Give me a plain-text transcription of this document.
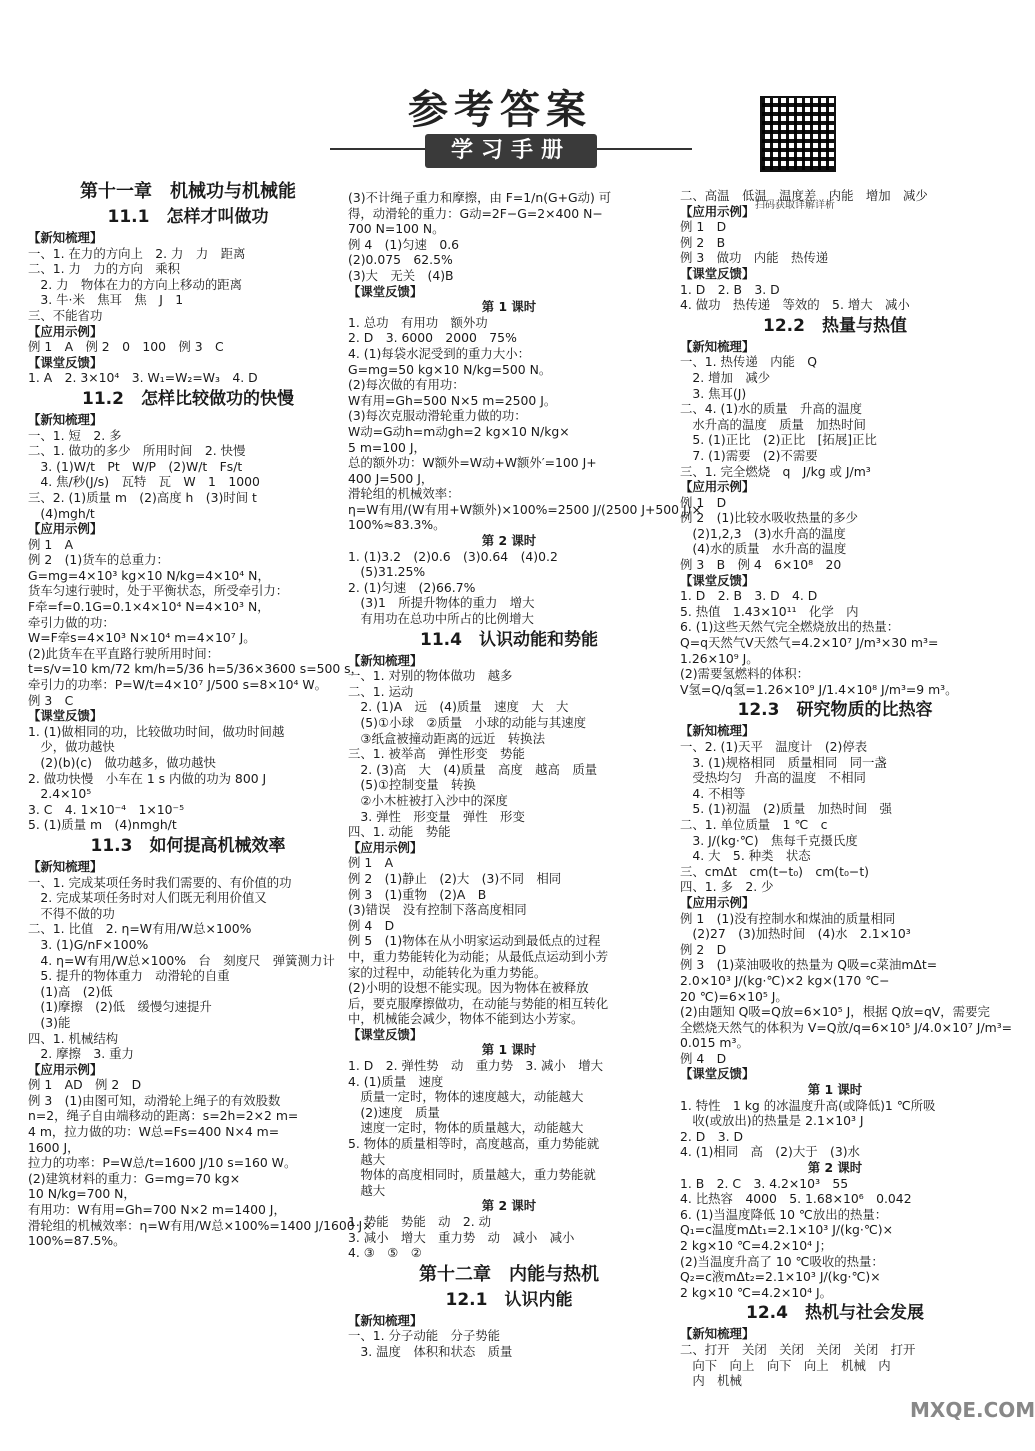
参考答案
学习手册
扫码获取详解详析
第十一章　机械功与机械能
11.1　怎样才叫做功
【新知梳理】
一、1. 在力的方向上　2. 力　力　距离
二、1. 力　力的方向　乘积
　2. 力　物体在力的方向上移动的距离
　3. 牛·米　焦耳　焦　J　1
三、不能省功
【应用示例】
例 1　A　例 2　0　100　例 3　C
【课堂反馈】
1. A　2. 3×10⁴　3. W₁=W₂=W₃　4. D
11.2　怎样比较做功的快慢
【新知梳理】
一、1. 短　2. 多
二、1. 做功的多少　所用时间　2. 快慢
　3. (1)W/t　Pt　W/P　(2)W/t　Fs/t
　4. 焦/秒(J/s)　瓦特　瓦　W　1　1000
三、2. (1)质量 m　(2)高度 h　(3)时间 t
　(4)mgh/t
【应用示例】
例 1　A
例 2　(1)货车的总重力：
G=mg=4×10³ kg×10 N/kg=4×10⁴ N，
货车匀速行驶时，处于平衡状态，所受牵引力：
F牵=f=0.1G=0.1×4×10⁴ N=4×10³ N，
牵引力做的功：
W=F牵s=4×10³ N×10⁴ m=4×10⁷ J。
(2)此货车在平直路行驶所用时间：
t=s/v=10 km/72 km/h=5/36 h=5/36×3600 s=500 s，
牵引力的功率：P=W/t=4×10⁷ J/500 s=8×10⁴ W。
例 3　C
【课堂反馈】
1. (1)做相同的功，比较做功时间，做功时间越
　少，做功越快
　(2)(b)(c)　做功越多，做功越快
2. 做功快慢　小车在 1 s 内做的功为 800 J
　2.4×10⁵
3. C　4. 1×10⁻⁴　1×10⁻⁵
5. (1)质量 m　(4)nmgh/t
11.3　如何提高机械效率
【新知梳理】
一、1. 完成某项任务时我们需要的、有价值的功
　2. 完成某项任务时对人们既无利用价值又
　不得不做的功
二、1. 比值　2. η=W有用/W总×100%
　3. (1)G/nF×100%
　4. η=W有用/W总×100%　台　刻度尺　弹簧测力计
　5. 提升的物体重力　动滑轮的自重
　(1)高　(2)低
　(1)摩擦　(2)低　缓慢匀速提升
　(3)能
四、1. 机械结构
　2. 摩擦　3. 重力
【应用示例】
例 1　AD　例 2　D
例 3　(1)由图可知，动滑轮上绳子的有效股数
n=2，绳子自由端移动的距离：s=2h=2×2 m=
4 m，拉力做的功：W总=Fs=400 N×4 m=
1600 J，
拉力的功率：P=W总/t=1600 J/10 s=160 W。
(2)建筑材料的重力：G=mg=70 kg×
10 N/kg=700 N，
有用功：W有用=Gh=700 N×2 m=1400 J，
滑轮组的机械效率：η=W有用/W总×100%=1400 J/1600 J×
100%=87.5%。
(3)不计绳子重力和摩擦，由 F=1/n(G+G动) 可
得，动滑轮的重力：G动=2F−G=2×400 N−
700 N=100 N。
例 4　(1)匀速　0.6
(2)0.075　62.5%
(3)大　无关　(4)B
【课堂反馈】
第 1 课时
1. 总功　有用功　额外功
2. D　3. 6000　2000　75%
4. (1)每袋水泥受到的重力大小：
G=mg=50 kg×10 N/kg=500 N。
(2)每次做的有用功：
W有用=Gh=500 N×5 m=2500 J。
(3)每次克服动滑轮重力做的功：
W动=G动h=m动gh=2 kg×10 N/kg×
5 m=100 J，
总的额外功：W额外=W动+W额外′=100 J+
400 J=500 J，
滑轮组的机械效率：
η=W有用/(W有用+W额外)×100%=2500 J/(2500 J+500 J)×
100%≈83.3%。
第 2 课时
1. (1)3.2　(2)0.6　(3)0.64　(4)0.2
　(5)31.25%
2. (1)匀速　(2)66.7%
　(3)1　所提升物体的重力　增大
　有用功在总功中所占的比例增大
11.4　认识动能和势能
【新知梳理】
一、1. 对别的物体做功　越多
二、1. 运动
　2. (1)A　远　(4)质量　速度　大　大
　(5)①小球　②质量　小球的动能与其速度
　③纸盒被撞动距离的远近　转换法
三、1. 被举高　弹性形变　势能
　2. (3)高　大　(4)质量　高度　越高　质量
　(5)①控制变量　转换
　②小木桩被打入沙中的深度
　3. 弹性　形变量　弹性　形变
四、1. 动能　势能
【应用示例】
例 1　A
例 2　(1)静止　(2)大　(3)不同　相同
例 3　(1)重物　(2)A　B
(3)错误　没有控制下落高度相同
例 4　D
例 5　(1)物体在从小明家运动到最低点的过程
中，重力势能转化为动能；从最低点运动到小芳
家的过程中，动能转化为重力势能。
(2)小明的设想不能实现。因为物体在被释放
后，要克服摩擦做功，在动能与势能的相互转化
中，机械能会减少，物体不能到达小芳家。
【课堂反馈】
第 1 课时
1. D　2. 弹性势　动　重力势　3. 减小　增大
4. (1)质量　速度
　质量一定时，物体的速度越大，动能越大
　(2)速度　质量
　速度一定时，物体的质量越大，动能越大
5. 物体的质量相等时，高度越高，重力势能就
　越大
　物体的高度相同时，质量越大，重力势能就
　越大
第 2 课时
1. 势能　势能　动　2. 动
3. 减小　增大　重力势　动　减小　减小
4. ③　⑤　②
第十二章　内能与热机
12.1　认识内能
【新知梳理】
一、1. 分子动能　分子势能
　3. 温度　体积和状态　质量
二、高温　低温　温度差　内能　增加　减少
【应用示例】
例 1　D
例 2　B
例 3　做功　内能　热传递
【课堂反馈】
1. D　2. B　3. D
4. 做功　热传递　等效的　5. 增大　减小
12.2　热量与热值
【新知梳理】
一、1. 热传递　内能　Q
　2. 增加　减少
　3. 焦耳(J)
二、4. (1)水的质量　升高的温度
　水升高的温度　质量　加热时间
　5. (1)正比　(2)正比　[拓展]正比
　7. (1)需要　(2)不需要
三、1. 完全燃烧　q　J/kg 或 J/m³
【应用示例】
例 1　D
例 2　(1)比较水吸收热量的多少
　(2)1,2,3　(3)水升高的温度
　(4)水的质量　水升高的温度
例 3　B　例 4　6×10⁸　20
【课堂反馈】
1. D　2. B　3. D　4. D
5. 热值　1.43×10¹¹　化学　内
6. (1)这些天然气完全燃烧放出的热量：
Q=q天然气V天然气=4.2×10⁷ J/m³×30 m³=
1.26×10⁹ J。
(2)需要氢燃料的体积：
V氢=Q/q氢=1.26×10⁹ J/1.4×10⁸ J/m³=9 m³。
12.3　研究物质的比热容
【新知梳理】
一、2. (1)天平　温度计　(2)停表
　3. (1)规格相同　质量相同　同一盏
　受热均匀　升高的温度　不相同
　4. 不相等
　5. (1)初温　(2)质量　加热时间　强
二、1. 单位质量　1 ℃　c
　3. J/(kg·℃)　焦每千克摄氏度
　4. 大　5. 种类　状态
三、cmΔt　cm(t−t₀)　cm(t₀−t)
四、1. 多　2. 少
【应用示例】
例 1　(1)没有控制水和煤油的质量相同
　(2)27　(3)加热时间　(4)水　2.1×10³
例 2　D
例 3　(1)菜油吸收的热量为 Q吸=c菜油mΔt=
2.0×10³ J/(kg·℃)×2 kg×(170 ℃−
20 ℃)=6×10⁵ J。
(2)由题知 Q吸=Q放=6×10⁵ J，根据 Q放=qV，需要完
全燃烧天然气的体积为 V=Q放/q=6×10⁵ J/4.0×10⁷ J/m³=
0.015 m³。
例 4　D
【课堂反馈】
第 1 课时
1. 特性　1 kg 的冰温度升高(或降低)1 ℃所吸
　收(或放出)的热量是 2.1×10³ J
2. D　3. D
4. (1)相同　高　(2)大于　(3)水
第 2 课时
1. B　2. C　3. 4.2×10³　55
4. 比热容　4000　5. 1.68×10⁶　0.042
6. (1)当温度降低 10 ℃放出的热量：
Q₁=c温度mΔt₁=2.1×10³ J/(kg·℃)×
2 kg×10 ℃=4.2×10⁴ J；
(2)当温度升高了 10 ℃吸收的热量：
Q₂=c液mΔt₂=2.1×10³ J/(kg·℃)×
2 kg×10 ℃=4.2×10⁴ J。
12.4　热机与社会发展
【新知梳理】
二、打开　关闭　关闭　关闭　关闭　打开
　向下　向上　向下　向上　机械　内
　内　机械
MXQE.COM
